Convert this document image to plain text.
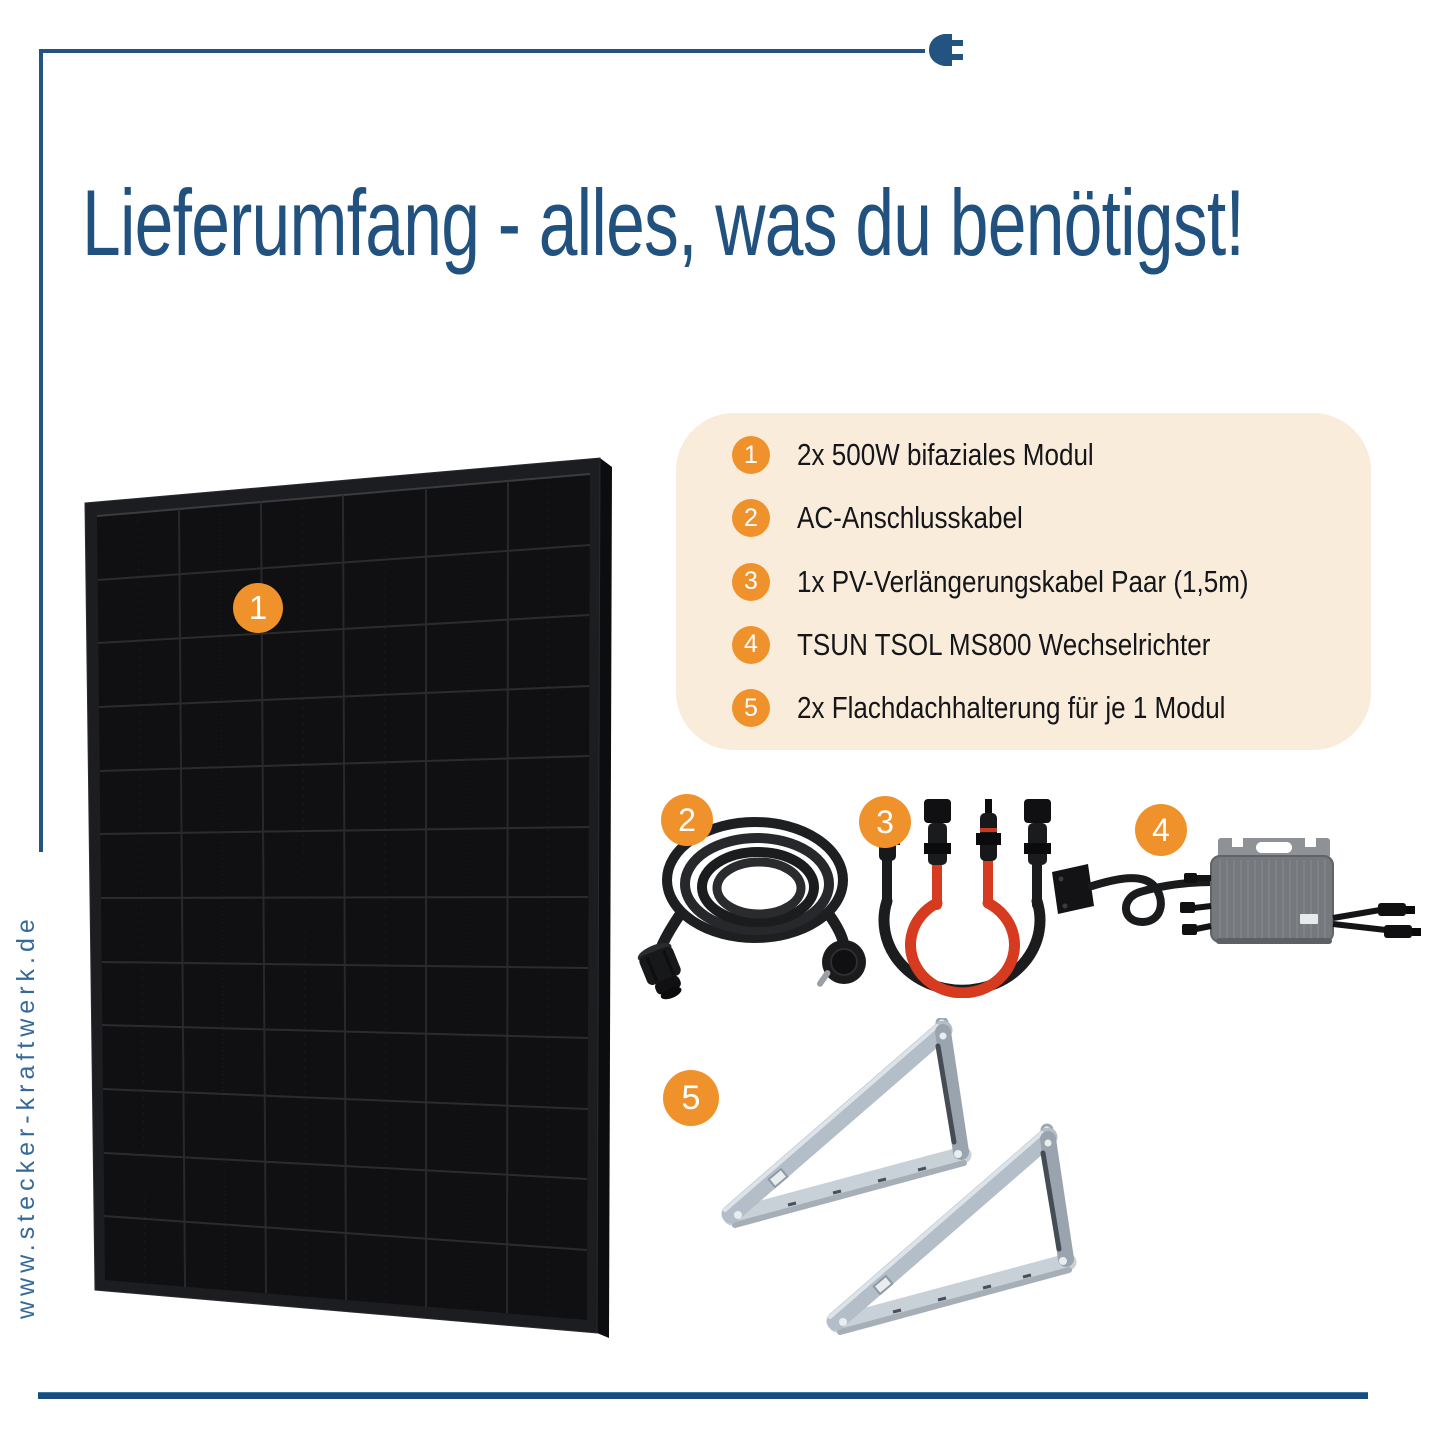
Lieferumfang - alles, was du benötigst!
www.stecker-kraftwerk.de
1
1	2x 500W bifaziales Modul
2	AC-Anschlusskabel
3	1x PV-Verlängerungskabel Paar (1,5m)
4	TSUN TSOL MS800 Wechselrichter
5	2x Flachdachhalterung für je 1 Modul
2	3	4
5
